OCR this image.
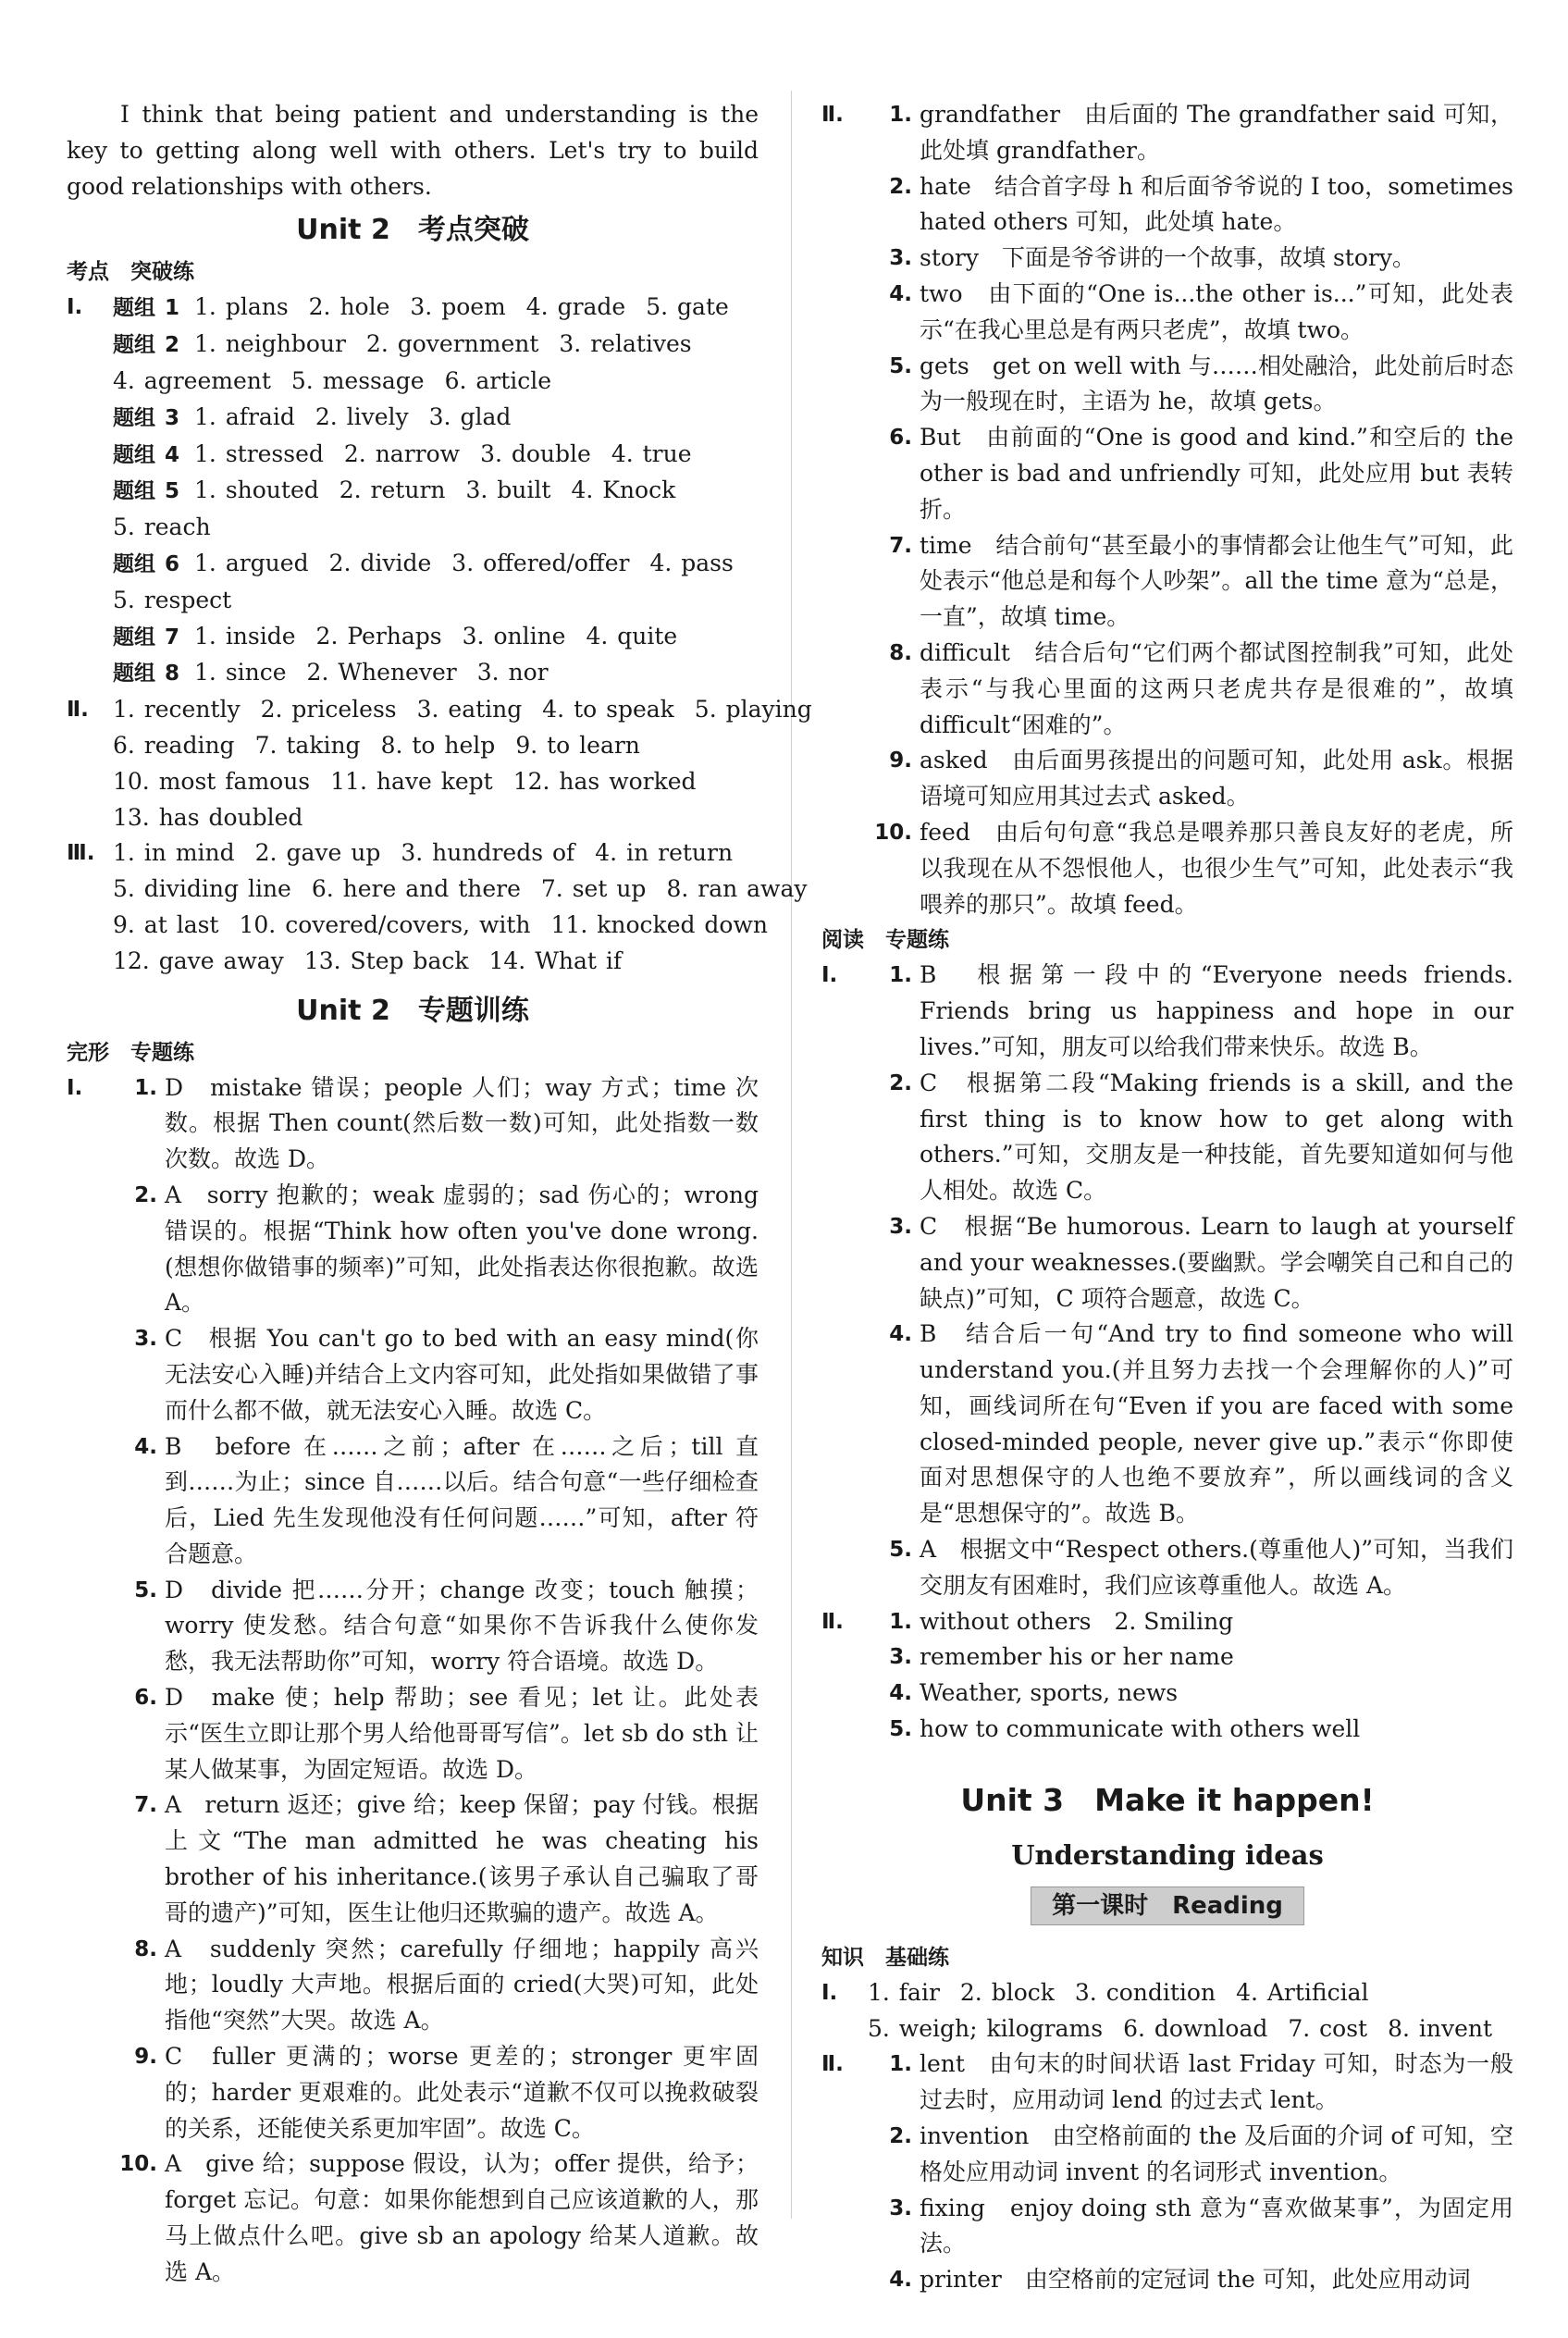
I think that being patient and understanding is the key to getting along well with others. Let's try to build good relationships with others.

Unit 2　考点突破
考点　突破练
Ⅰ.	题组 1 1. plans 2. hole 3. poem 4. grade 5. gate
题组 2 1. neighbour 2. government 3. relatives
4. agreement 5. message 6. article
题组 3 1. afraid 2. lively 3. glad
题组 4 1. stressed 2. narrow 3. double 4. true
题组 5 1. shouted 2. return 3. built 4. Knock
5. reach
题组 6 1. argued 2. divide 3. offered/offer 4. pass
5. respect
题组 7 1. inside 2. Perhaps 3. online 4. quite
题组 8 1. since 2. Whenever 3. nor
Ⅱ.	1. recently 2. priceless 3. eating 4. to speak 5. playing
6. reading 7. taking 8. to help 9. to learn
10. most famous 11. have kept 12. has worked
13. has doubled
Ⅲ. 1. in mind 2. gave up 3. hundreds of 4. in return
5. dividing line 6. here and there 7. set up 8. ran away
9. at last 10. covered/covers, with 11. knocked down
12. gave away 13. Step back 14. What if
Unit 2　专题训练
完形　专题练
Ⅰ.	1. D　mistake 错误；people 人们；way 方式；time 次数。根据 Then count(然后数一数)可知，此处指数一数次数。故选 D。
2. A　sorry 抱歉的；weak 虚弱的；sad 伤心的；wrong 错误的。根据“Think how often you've done wrong.(想想你做错事的频率)”可知，此处指表达你很抱歉。故选 A。
3. C　根据 You can't go to bed with an easy mind(你无法安心入睡)并结合上文内容可知，此处指如果做错了事而什么都不做，就无法安心入睡。故选 C。
4. B　before 在……之前；after 在……之后；till 直到……为止；since 自……以后。结合句意“一些仔细检查后，Lied 先生发现他没有任何问题……”可知，after 符合题意。
5. D　divide 把……分开；change 改变；touch 触摸；worry 使发愁。结合句意“如果你不告诉我什么使你发愁，我无法帮助你”可知，worry 符合语境。故选 D。
6. D　make 使；help 帮助；see 看见；let 让。此处表示“医生立即让那个男人给他哥哥写信”。let sb do sth 让某人做某事，为固定短语。故选 D。
7. A　return 返还；give 给；keep 保留；pay 付钱。根据上文“The man admitted he was cheating his brother of his inheritance.(该男子承认自己骗取了哥哥的遗产)”可知，医生让他归还欺骗的遗产。故选 A。
8. A　suddenly 突然；carefully 仔细地；happily 高兴地；loudly 大声地。根据后面的 cried(大哭)可知，此处指他“突然”大哭。故选 A。
9. C　fuller 更满的；worse 更差的；stronger 更牢固的；harder 更艰难的。此处表示“道歉不仅可以挽救破裂的关系，还能使关系更加牢固”。故选 C。
10. A　give 给；suppose 假设，认为；offer 提供，给予；forget 忘记。句意：如果你能想到自己应该道歉的人，那马上做点什么吧。give sb an apology 给某人道歉。故选 A。
Ⅱ.	1. grandfather　由后面的 The grandfather said 可知，此处填 grandfather。
2. hate　结合首字母 h 和后面爷爷说的 I too，sometimes hated others 可知，此处填 hate。
3. story　下面是爷爷讲的一个故事，故填 story。
4. two　由下面的“One is...the other is...”可知，此处表示“在我心里总是有两只老虎”，故填 two。
5. gets　get on well with 与……相处融洽，此处前后时态为一般现在时，主语为 he，故填 gets。
6. But　由前面的“One is good and kind.”和空后的 the other is bad and unfriendly 可知，此处应用 but 表转折。
7. time　结合前句“甚至最小的事情都会让他生气”可知，此处表示“他总是和每个人吵架”。all the time 意为“总是，一直”，故填 time。
8. difficult　结合后句“它们两个都试图控制我”可知，此处表示“与我心里面的这两只老虎共存是很难的”，故填 difficult“困难的”。
9. asked　由后面男孩提出的问题可知，此处用 ask。根据语境可知应用其过去式 asked。
10. feed　由后句句意“我总是喂养那只善良友好的老虎，所以我现在从不怨恨他人，也很少生气”可知，此处表示“我喂养的那只”。故填 feed。
阅读　专题练
Ⅰ.	1. B　根据第一段中的“Everyone needs friends. Friends bring us happiness and hope in our lives.”可知，朋友可以给我们带来快乐。故选 B。
2. C　根据第二段“Making friends is a skill, and the first thing is to know how to get along with others.”可知，交朋友是一种技能，首先要知道如何与他人相处。故选 C。
3. C　根据“Be humorous. Learn to laugh at yourself and your weaknesses.(要幽默。学会嘲笑自己和自己的缺点)”可知，C 项符合题意，故选 C。
4. B　结合后一句“And try to find someone who will understand you.(并且努力去找一个会理解你的人)”可知，画线词所在句“Even if you are faced with some closed-minded people, never give up.”表示“你即使面对思想保守的人也绝不要放弃”，所以画线词的含义是“思想保守的”。故选 B。
5. A　根据文中“Respect others.(尊重他人)”可知，当我们交朋友有困难时，我们应该尊重他人。故选 A。
Ⅱ.	1. without others　2. Smiling
3. remember his or her name
4. Weather, sports, news
5. how to communicate with others well
Unit 3　Make it happen!
Understanding ideas
第一课时　Reading
知识　基础练
Ⅰ.	1. fair 2. block 3. condition 4. Artificial
5. weigh; kilograms 6. download 7. cost 8. invent
Ⅱ.	1. lent　由句末的时间状语 last Friday 可知，时态为一般过去时，应用动词 lend 的过去式 lent。
2. invention　由空格前面的 the 及后面的介词 of 可知，空格处应用动词 invent 的名词形式 invention。
3. fixing　enjoy doing sth 意为“喜欢做某事”，为固定用法。
4. printer　由空格前的定冠词 the 可知，此处应用动词
